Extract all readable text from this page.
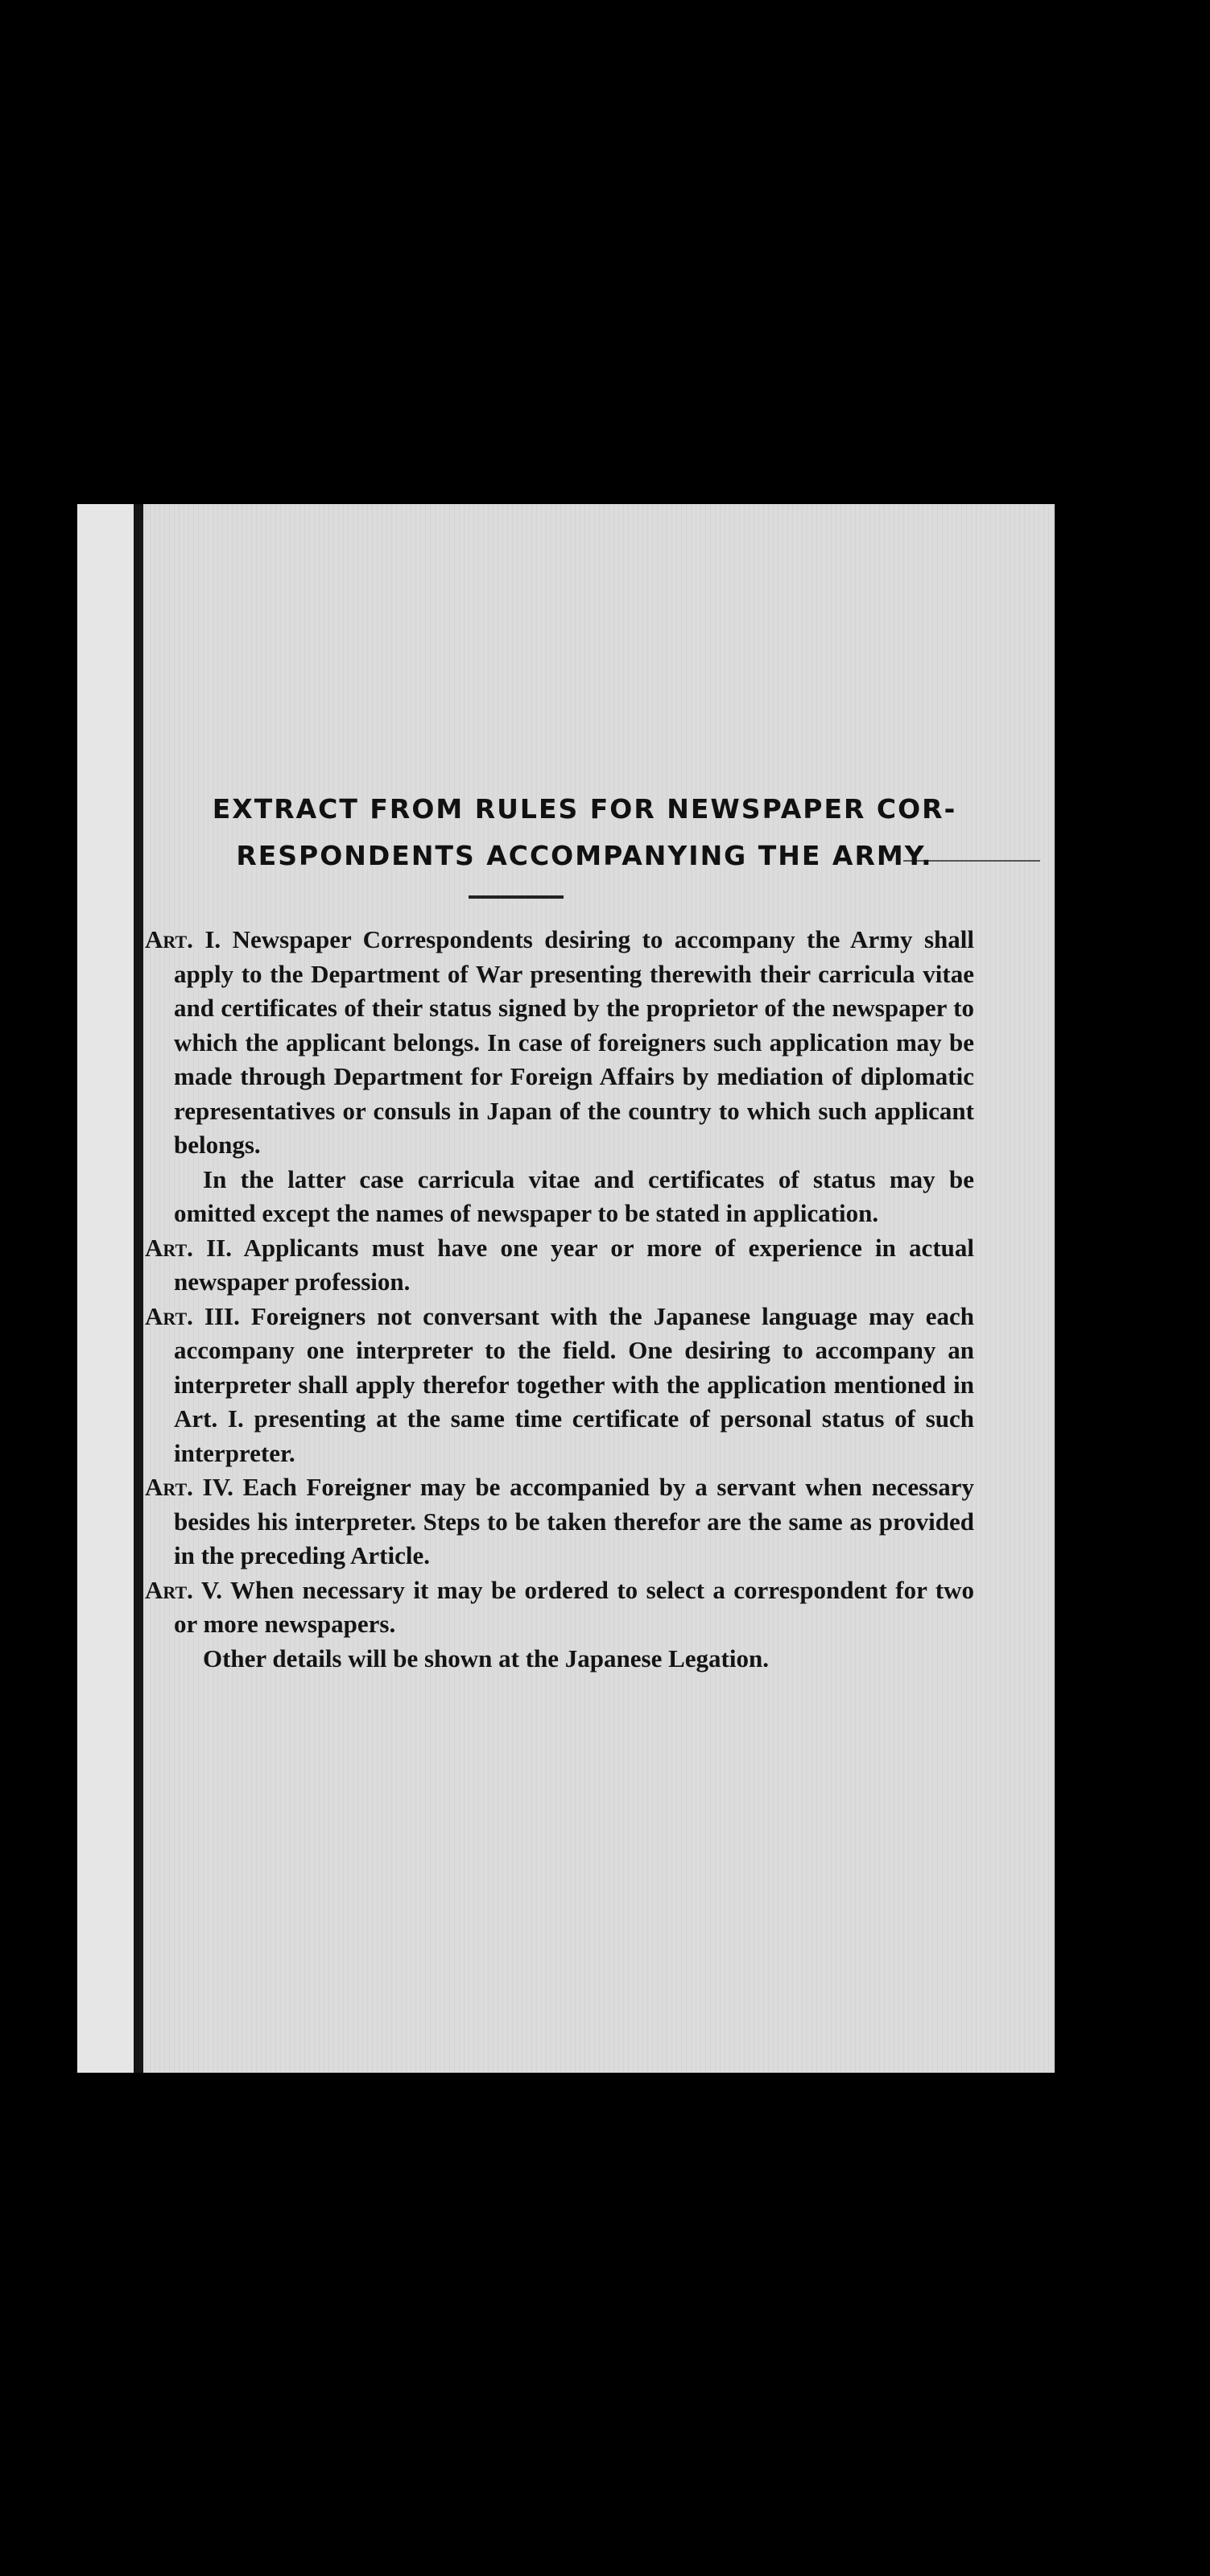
EXTRACT FROM RULES FOR NEWSPAPER COR-
RESPONDENTS ACCOMPANYING THE ARMY.

Art. I. Newspaper Correspondents desiring to accompany the Army shall apply to the Department of War presenting therewith their carricula vitae and certificates of their status signed by the proprietor of the newspaper to which the applicant belongs. In case of foreigners such application may be made through Department for Foreign Affairs by mediation of diplomatic representatives or consuls in Japan of the country to which such applicant belongs.

In the latter case carricula vitae and certificates of status may be omitted except the names of newspaper to be stated in application.

Art. II. Applicants must have one year or more of experience in actual newspaper profession.

Art. III. Foreigners not conversant with the Japanese language may each accompany one interpreter to the field. One desiring to accompany an interpreter shall apply therefor together with the application mentioned in Art. I. presenting at the same time certificate of personal status of such interpreter.

Art. IV. Each Foreigner may be accompanied by a servant when necessary besides his interpreter. Steps to be taken therefor are the same as provided in the preceding Article.

Art. V. When necessary it may be ordered to select a correspondent for two or more newspapers.

Other details will be shown at the Japanese Legation.
